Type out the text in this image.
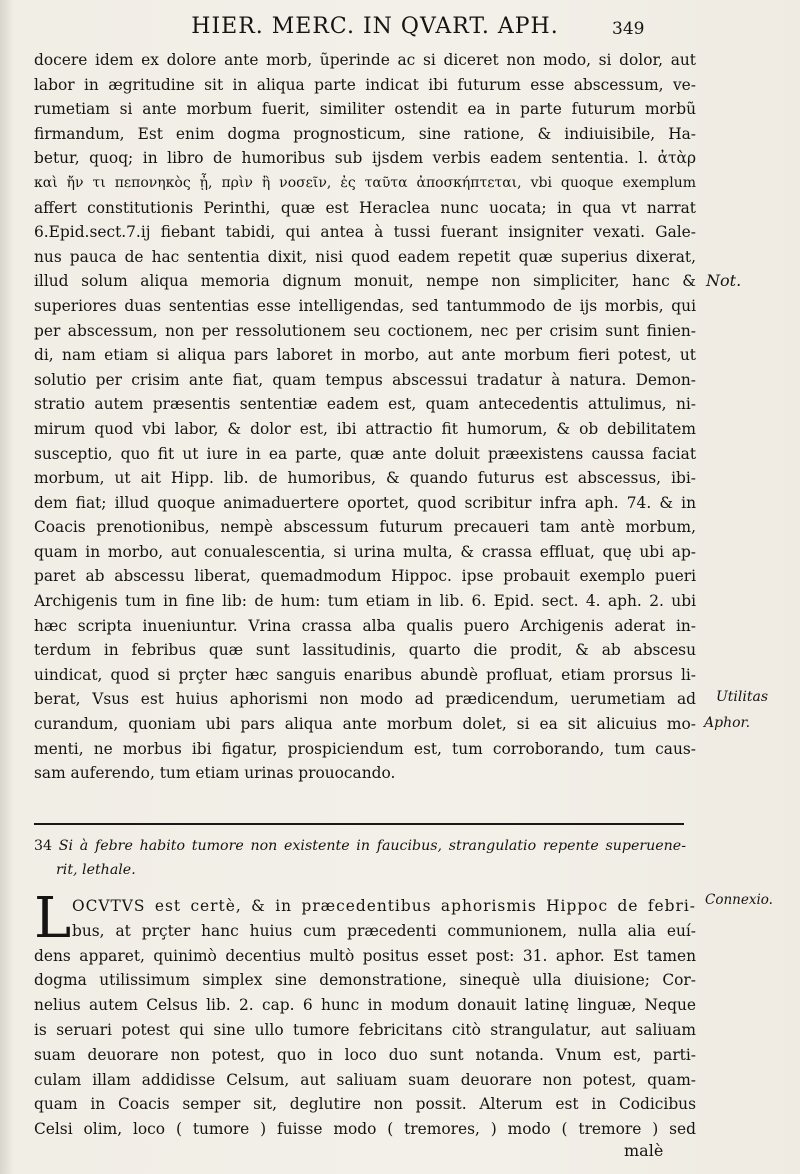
HIER. MERC. IN QVART. APH.	349
docere idem ex dolore ante morb, ũperinde ac si diceret non modo, si dolor, aut
labor in ægritudine sit in aliqua parte indicat ibi futurum esse abscessum, ve-
rumetiam si ante morbum fuerit, similiter ostendit ea in parte futurum morbũ
firmandum, Est enim dogma prognosticum, sine ratione, & indiuisibile, Ha-
betur, quoq; in libro de humoribus sub ijsdem verbis eadem sententia. l. ἀτὰρ
καὶ ἤν τι πεπονηκὸς ᾖ, πρὶν ἢ νοσεῖν, ἐς ταῦτα ἀποσκήπτεται, vbi quoque exemplum
affert constitutionis Perinthi, quæ est Heraclea nunc uocata; in qua vt narrat
6.Epid.sect.7.ij fiebant tabidi, qui antea à tussi fuerant insigniter vexati. Gale-
nus pauca de hac sententia dixit, nisi quod eadem repetit quæ superius dixerat,
illud solum aliqua memoria dignum monuit, nempe non simpliciter, hanc &
superiores duas sententias esse intelligendas, sed tantummodo de ijs morbis, qui
per abscessum, non per ressolutionem seu coctionem, nec per crisim sunt finien-
di, nam etiam si aliqua pars laboret in morbo, aut ante morbum fieri potest, ut
solutio per crisim ante fiat, quam tempus abscessui tradatur à natura. Demon-
stratio autem præsentis sententiæ eadem est, quam antecedentis attulimus, ni-
mirum quod vbi labor, & dolor est, ibi attractio fit humorum, & ob debilitatem
susceptio, quo fit ut iure in ea parte, quæ ante doluit præexistens caussa faciat
morbum, ut ait Hipp. lib. de humoribus, & quando futurus est abscessus, ibi-
dem fiat; illud quoque animaduertere oportet, quod scribitur infra aph. 74. & in
Coacis prenotionibus, nempè abscessum futurum precaueri tam antè morbum,
quam in morbo, aut conualescentia, si urina multa, & crassa effluat, quę ubi ap-
paret ab abscessu liberat, quemadmodum Hippoc. ipse probauit exemplo pueri
Archigenis tum in fine lib: de hum: tum etiam in lib. 6. Epid. sect. 4. aph. 2. ubi
hæc scripta inueniuntur. Vrina crassa alba qualis puero Archigenis aderat in-
terdum in febribus quæ sunt lassitudinis, quarto die prodit, & ab abscesu
uindicat, quod si prçter hæc sanguis enaribus abundè profluat, etiam prorsus li-
berat, Vsus est huius aphorismi non modo ad prædicendum, uerumetiam ad
curandum, quoniam ubi pars aliqua ante morbum dolet, si ea sit alicuius mo-
menti, ne morbus ibi figatur, prospiciendum est, tum corroborando, tum caus-
sam auferendo, tum etiam urinas prouocando.
34 Si à febre habito tumore non existente in faucibus, strangulatio repente superuene-
rit, lethale.
L OCVTVS est certè, & in præcedentibus aphorismis Hippoc de febri-
bus, at prçter hanc huius cum præcedenti communionem, nulla alia euí-
dens apparet, quinimò decentius multò positus esset post: 31. aphor. Est tamen
dogma utilissimum simplex sine demonstratione, sinequè ulla diuisione; Cor-
nelius autem Celsus lib. 2. cap. 6 hunc in modum donauit latinę linguæ, Neque
is seruari potest qui sine ullo tumore febricitans citò strangulatur, aut saliuam
suam deuorare non potest, quo in loco duo sunt notanda. Vnum est, parti-
culam illam addidisse Celsum, aut saliuam suam deuorare non potest, quam-
quam in Coacis semper sit, deglutire non possit. Alterum est in Codicibus
Celsi olim, loco ( tumore ) fuisse modo ( tremores, ) modo ( tremore ) sed
malè
Not.
Utilitas
Aphor.
Connexio.
